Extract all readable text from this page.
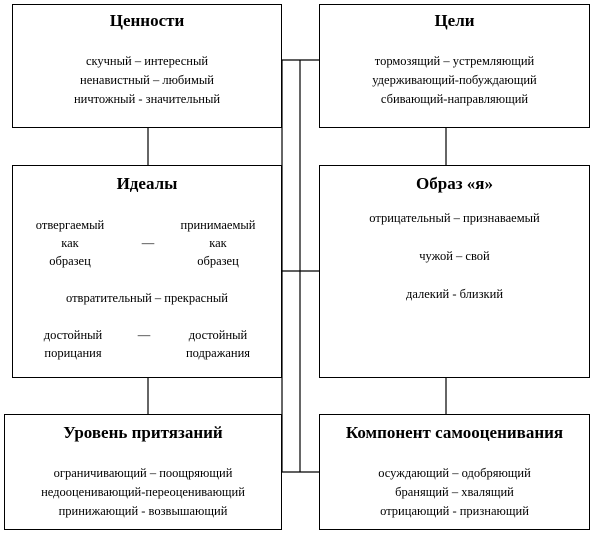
Ценности
скучный – интересный
ненавистный – любимый
ничтожный - значительный
Цели
тормозящий – устремляющий
удерживающий-побуждающий
сбивающий-направляющий
Идеалы
отвергаемый
как
образец
—
принимаемый
как
образец
отвратительный – прекрасный
достойный
порицания
—	достойный
подражания
Образ «я»
отрицательный – признаваемый
чужой – свой
далекий - близкий
Уровень притязаний
ограничивающий – поощряющий
недооценивающий-переоценивающий
принижающий - возвышающий
Компонент самооценивания
осуждающий – одобряющий
бранящий – хвалящий
отрицающий - признающий
